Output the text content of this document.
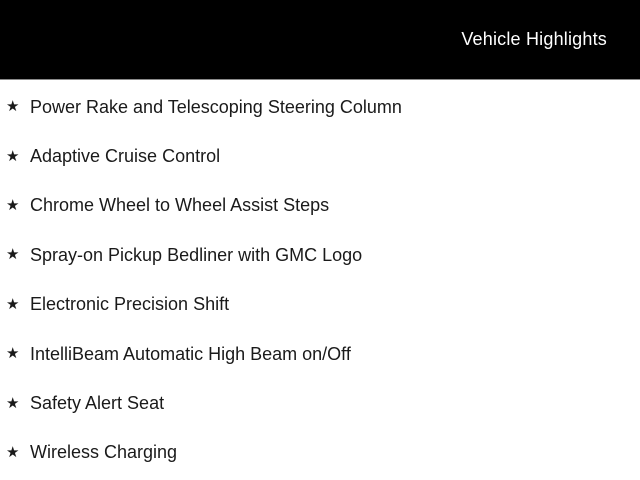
Vehicle Highlights
★ Power Rake and Telescoping Steering Column
★ Adaptive Cruise Control
★ Chrome Wheel to Wheel Assist Steps
★ Spray-on Pickup Bedliner with GMC Logo
★ Electronic Precision Shift
★ IntelliBeam Automatic High Beam on/Off
★ Safety Alert Seat
★ Wireless Charging
